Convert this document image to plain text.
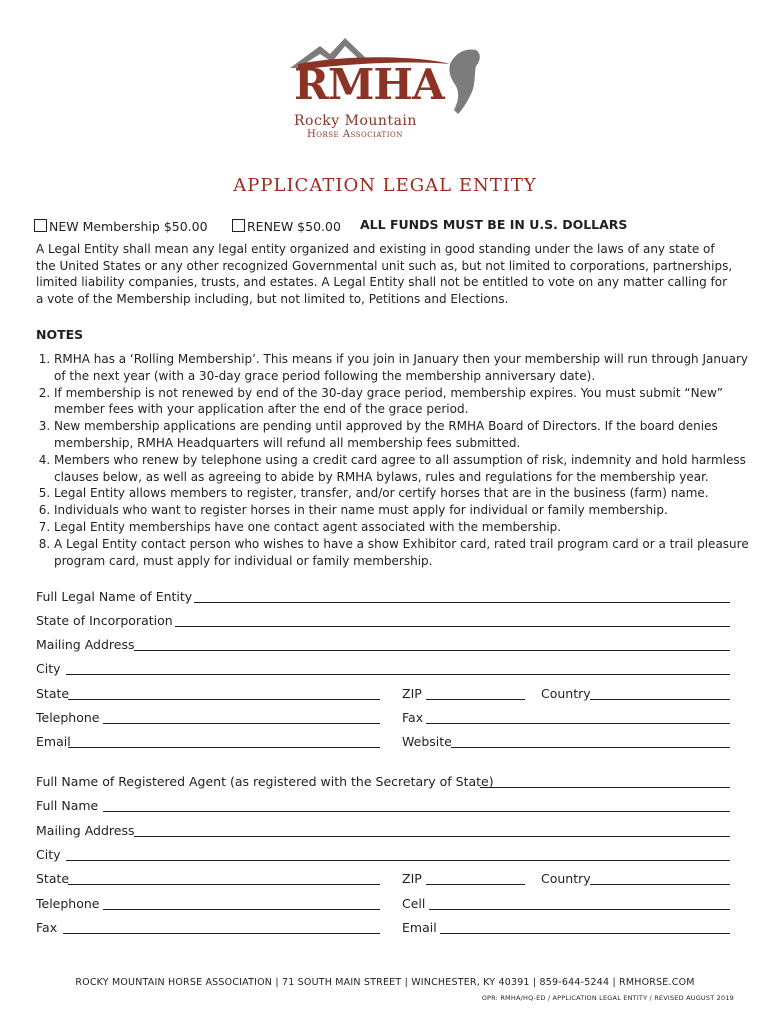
RMHA
Rocky Mountain
Horse Association
APPLICATION LEGAL ENTITY
NEW Membership $50.00	RENEW $50.00 ALL FUNDS MUST BE IN U.S. DOLLARS
A Legal Entity shall mean any legal entity organized and existing in good standing under the laws of any state of
the United States or any other recognized Governmental unit such as, but not limited to corporations, partnerships,
limited liability companies, trusts, and estates. A Legal Entity shall not be entitled to vote on any matter calling for
a vote of the Membership including, but not limited to, Petitions and Elections.
NOTES
1. RMHA has a ‘Rolling Membership’. This means if you join in January then your membership will run through January of the next year (with a 30-day grace period following the membership anniversary date).
2. If membership is not renewed by end of the 30-day grace period, membership expires. You must submit “New” member fees with your application after the end of the grace period.
3. New membership applications are pending until approved by the RMHA Board of Directors. If the board denies membership, RMHA Headquarters will refund all membership fees submitted.
4. Members who renew by telephone using a credit card agree to all assumption of risk, indemnity and hold harmless clauses below, as well as agreeing to abide by RMHA bylaws, rules and regulations for the membership year.
5. Legal Entity allows members to register, transfer, and/or certify horses that are in the business (farm) name.
6. Individuals who want to register horses in their name must apply for individual or family membership.
7. Legal Entity memberships have one contact agent associated with the membership.
8. A Legal Entity contact person who wishes to have a show Exhibitor card, rated trail program card or a trail pleasure program card, must apply for individual or family membership.
Full Legal Name of Entity
State of Incorporation
Mailing Address
City
State	ZIP	Country
Telephone	Fax
Email	Website
Full Name of Registered Agent (as registered with the Secretary of State)
Full Name
Mailing Address
City
State	ZIP	Country
Telephone	Cell
Fax	Email
ROCKY MOUNTAIN HORSE ASSOCIATION | 71 SOUTH MAIN STREET | WINCHESTER, KY 40391 | 859-644-5244 | RMHORSE.COM
OPR: RMHA/HQ-ED / APPLICATION LEGAL ENTITY / REVISED AUGUST 2019
